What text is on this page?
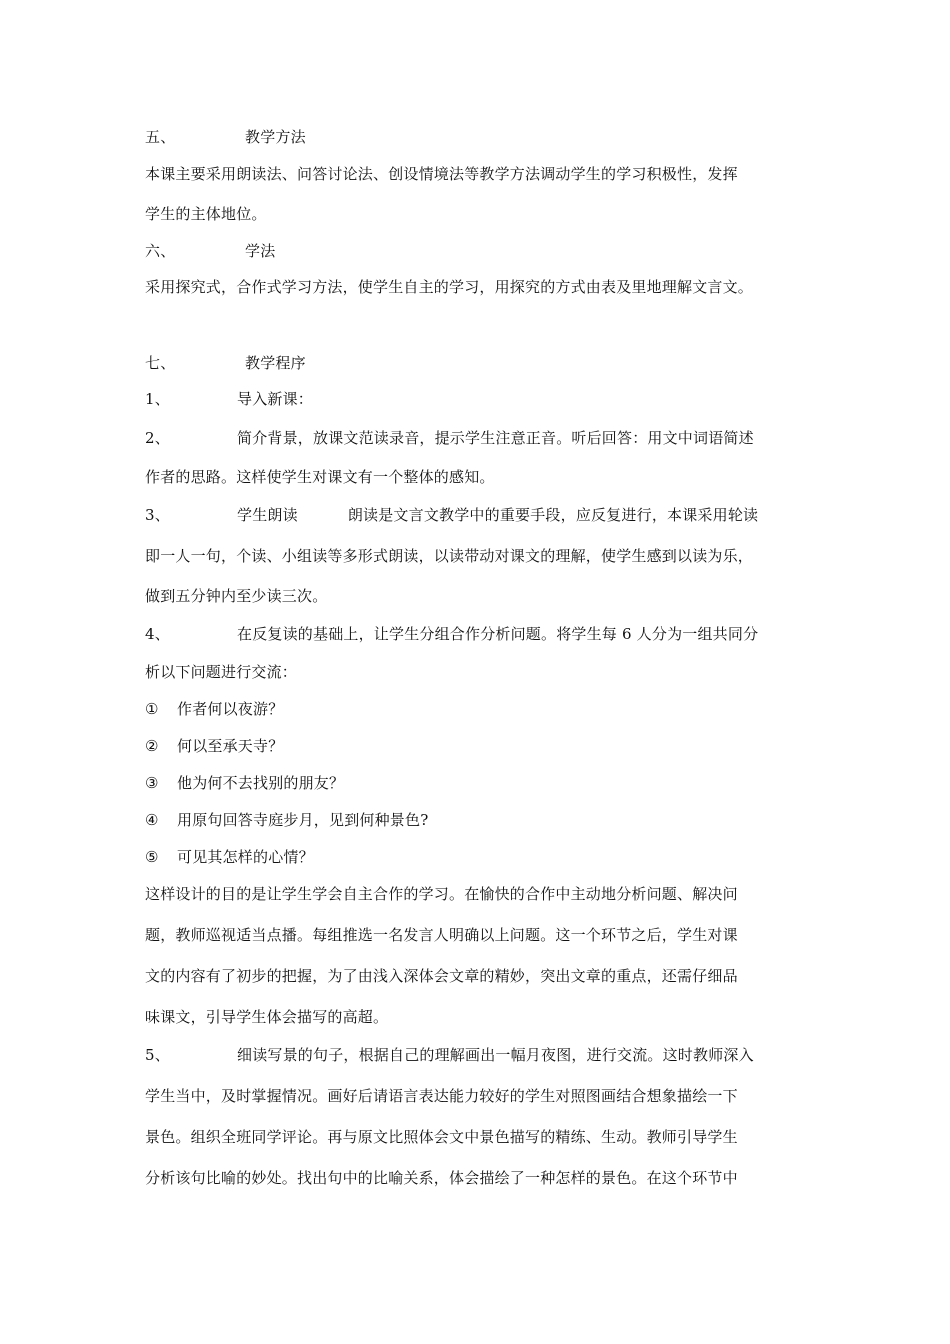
五、	教学方法
本课主要采用朗读法、问答讨论法、创设情境法等教学方法调动学生的学习积极性，发挥
学生的主体地位。
六、	学法
采用探究式，合作式学习方法，使学生自主的学习，用探究的方式由表及里地理解文言文。
七、	教学程序
1、	导入新课：
2、	简介背景，放课文范读录音，提示学生注意正音。听后回答：用文中词语简述
作者的思路。这样使学生对课文有一个整体的感知。
3、	学生朗读	朗读是文言文教学中的重要手段，应反复进行，本课采用轮读
即一人一句，个读、小组读等多形式朗读，以读带动对课文的理解，使学生感到以读为乐，
做到五分钟内至少读三次。
4、	在反复读的基础上，让学生分组合作分析问题。将学生每 6 人分为一组共同分
析以下问题进行交流：
① 作者何以夜游？
② 何以至承天寺？
③ 他为何不去找别的朋友？
④ 用原句回答寺庭步月，见到何种景色?
⑤ 可见其怎样的心情？
这样设计的目的是让学生学会自主合作的学习。在愉快的合作中主动地分析问题、解决问
题，教师巡视适当点播。每组推选一名发言人明确以上问题。这一个环节之后，学生对课
文的内容有了初步的把握，为了由浅入深体会文章的精妙，突出文章的重点，还需仔细品
味课文，引导学生体会描写的高超。
5、	细读写景的句子，根据自己的理解画出一幅月夜图，进行交流。这时教师深入
学生当中，及时掌握情况。画好后请语言表达能力较好的学生对照图画结合想象描绘一下
景色。组织全班同学评论。再与原文比照体会文中景色描写的精练、生动。教师引导学生
分析该句比喻的妙处。找出句中的比喻关系，体会描绘了一种怎样的景色。在这个环节中
